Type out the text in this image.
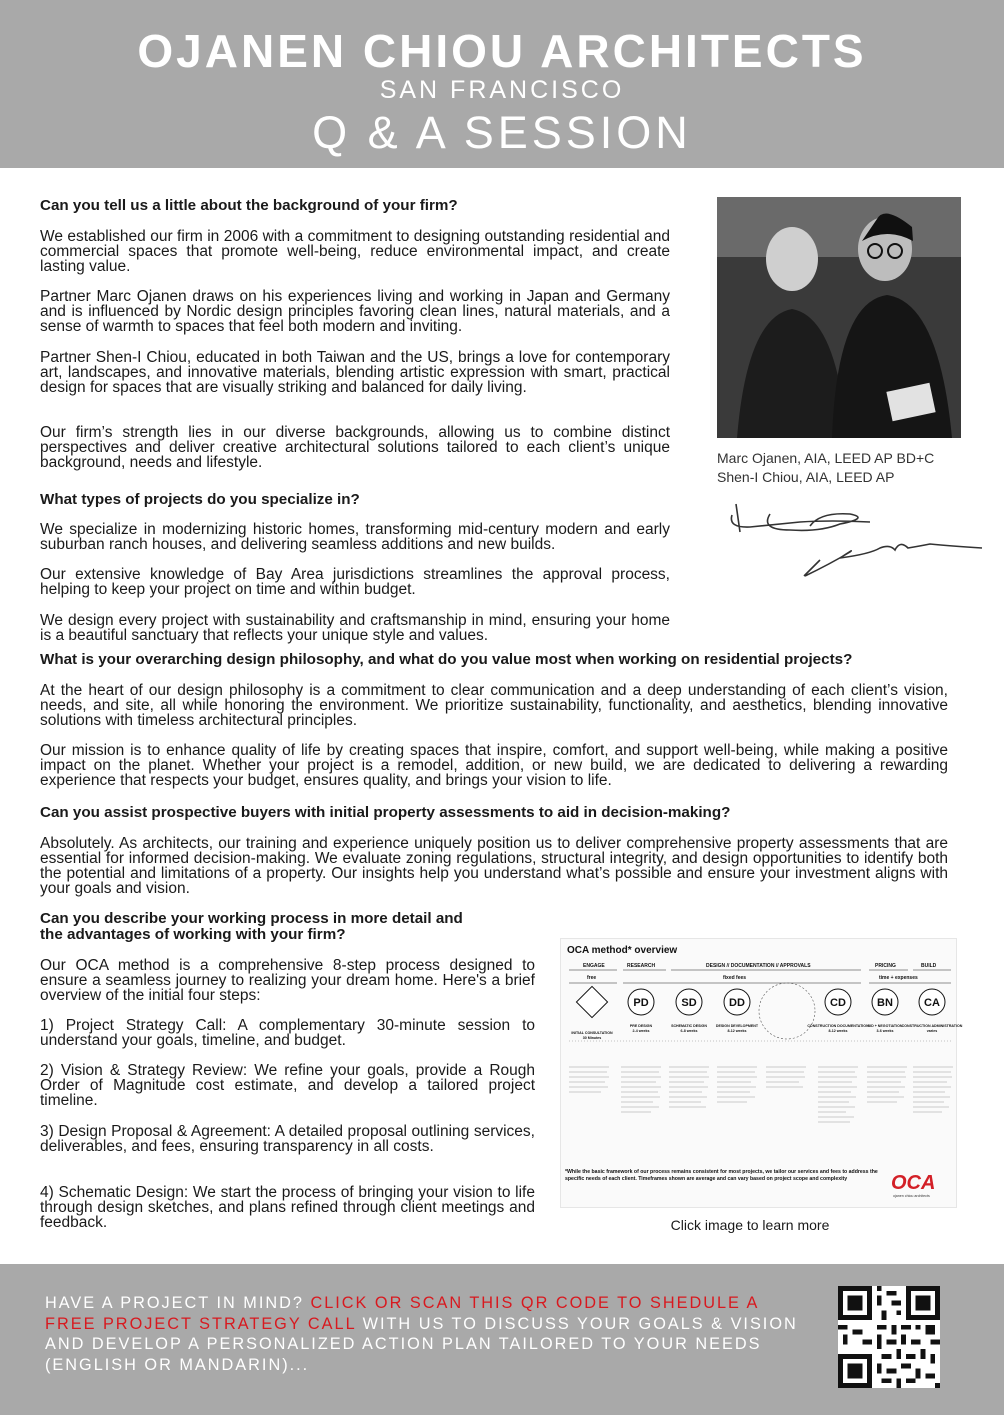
OJANEN CHIOU ARCHITECTS
SAN FRANCISCO
Q & A SESSION
Can you tell us a little about the background of your firm?
We established our firm in 2006 with a commitment to designing outstanding residential and commercial spaces that promote well-being, reduce environmental impact, and create lasting value.
Partner Marc Ojanen draws on his experiences living and working in Japan and Germany and is influenced by Nordic design principles favoring clean lines, natural materials, and a sense of warmth to spaces that feel both modern and inviting.
Partner Shen-I Chiou, educated in both Taiwan and the US, brings a love for contemporary art, landscapes, and innovative materials, blending artistic expression with smart, practical design for spaces that are visually striking and balanced for daily living.
Our firm’s strength lies in our diverse backgrounds, allowing us to combine distinct perspectives and deliver creative architectural solutions tailored to each client’s unique background, needs and lifestyle.
What types of projects do you specialize in?
We specialize in modernizing historic homes, transforming mid-century modern and early suburban ranch houses, and delivering seamless additions and new builds.
Our extensive knowledge of Bay Area jurisdictions streamlines the approval process, helping to keep your project on time and within budget.
We design every project with sustainability and craftsmanship in mind, ensuring your home is a beautiful sanctuary that reflects your unique style and values.
What is your overarching design philosophy, and what do you value most when working on residential projects?
At the heart of our design philosophy is a commitment to clear communication and a deep understanding of each client’s vision, needs, and site, all while honoring the environment. We prioritize sustainability, functionality, and aesthetics, blending innovative solutions with timeless architectural principles.
Our mission is to enhance quality of life by creating spaces that inspire, comfort, and support well-being, while making a positive impact on the planet. Whether your project is a remodel, addition, or new build, we are dedicated to delivering a rewarding experience that respects your budget, ensures quality, and brings your vision to life.
Can you assist prospective buyers with initial property assessments to aid in decision-making?
Absolutely. As architects, our training and experience uniquely position us to deliver comprehensive property assessments that are essential for informed decision-making. We evaluate zoning regulations, structural integrity, and design opportunities to identify both the potential and limitations of a property. Our insights help you understand what’s possible and ensure your investment aligns with your goals and vision.
Can you describe your working process in more detail and
the advantages of working with your firm?
Our OCA method is a comprehensive 8-step process designed to ensure a seamless journey to realizing your dream home. Here's a brief overview of the initial four steps:
1) Project Strategy Call: A complementary 30-minute session to understand your goals, timeline, and budget.
2) Vision & Strategy Review: We refine your goals, provide a Rough Order of Magnitude cost estimate, and develop a tailored project timeline.
3) Design Proposal & Agreement: A detailed proposal outlining services, deliverables, and fees, ensuring transparency in all costs.
4) Schematic Design: We start the process of bringing your vision to life through design sketches, and plans refined through client meetings and feedback.
Marc Ojanen, AIA, LEED AP BD+C
Shen-I Chiou, AIA, LEED AP
OCA method* overview
ENGAGE	RESEARCH	DESIGN // DOCUMENTATION // APPROVALS	PRICING	BUILD
free	fixed fees	time + expenses
PD	SD	DD	CD	BN	CA
INITIAL CONSULTATION
30 Minutes
PRE DESIGN
2-4 weeks
SCHEMATIC DESIGN
6-8 weeks
DESIGN DEVELOPMENT
8-12 weeks
CONSTRUCTION DOCUMENTATION
8-12 weeks
BID + NEGOTIATION
3-6 weeks
CONSTRUCTION ADMINISTRATION
varies
*While the basic framework of our process remains consistent for most projects, we tailor our services and fees to address the specific needs of each client. Timeframes shown are average and can vary based on project scope and complexity	OCA
ojanen chiou architects
Click image to learn more
HAVE A PROJECT IN MIND? CLICK OR SCAN THIS QR CODE TO SHEDULE A FREE PROJECT STRATEGY CALL WITH US TO DISCUSS YOUR GOALS & VISION AND DEVELOP A PERSONALIZED ACTION PLAN TAILORED TO YOUR NEEDS (ENGLISH OR MANDARIN)...
